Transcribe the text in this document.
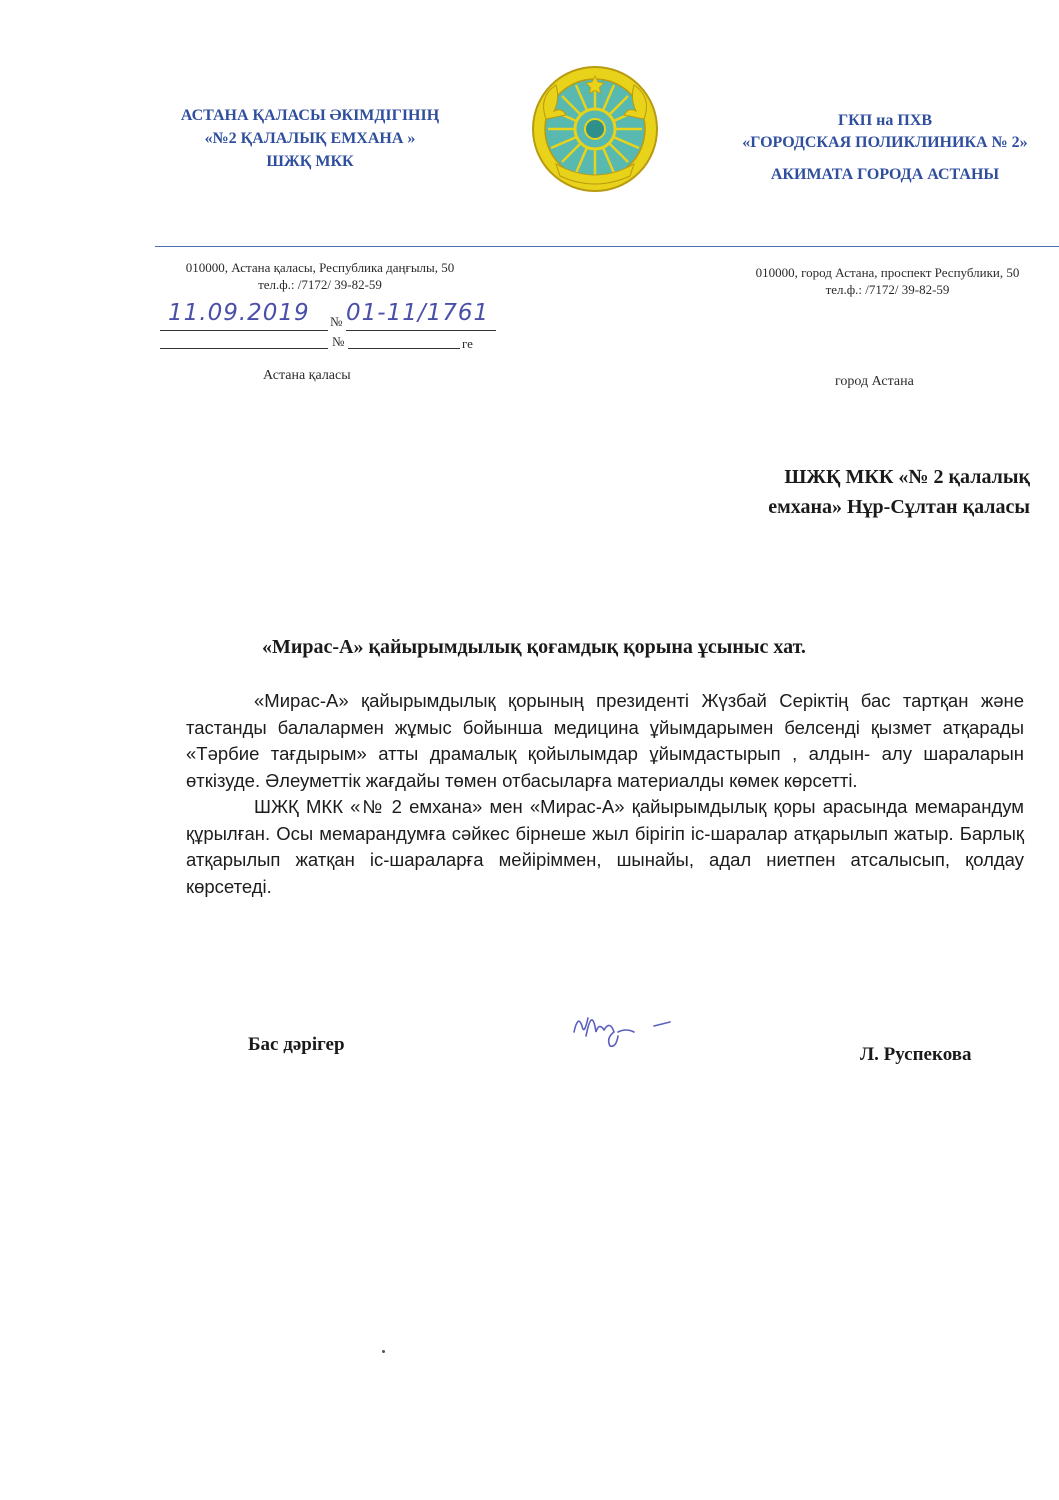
АСТАНА ҚАЛАСЫ ӘКІМДІГІНІҢ
«№2 ҚАЛАЛЫҚ ЕМХАНА »
ШЖҚ МКК
ГКП на ПХВ
«ГОРОДСКАЯ ПОЛИКЛИНИКА № 2»
АКИМАТА ГОРОДА АСТАНЫ
010000, Астана қаласы, Республика даңғылы, 50
тел.ф.: /7172/ 39-82-59
010000, город Астана, проспект Республики, 50
тел.ф.: /7172/ 39-82-59
11.09.2019 № 01-11/1761
№	ге
Астана қаласы	город Астана
ШЖҚ МКК «№ 2 қалалық
емхана» Нұр-Сұлтан қаласы
«Мирас-А» қайырымдылық қоғамдық қорына ұсыныс хат.

«Мирас-А» қайырымдылық қорының президенті Жүзбай Серіктің бас тартқан және тастанды балалармен жұмыс бойынша медицина ұйымдарымен белсенді қызмет атқарады «Тәрбие тағдырым» атты драмалық қойылымдар ұйымдастырып , алдын- алу шараларын өткізуде. Әлеуметтік жағдайы төмен отбасыларға материалды көмек көрсетті.

ШЖҚ МКК «№ 2 емхана» мен «Мирас-А» қайырымдылық қоры арасында мемарандум құрылған. Осы мемарандумға сәйкес бірнеше жыл бірігіп іс-шаралар атқарылып жатыр. Барлық атқарылып жатқан іс-шараларға мейіріммен, шынайы, адал ниетпен атсалысып, қолдау көрсетеді.

Бас дәрігер	Л. Руспекова
